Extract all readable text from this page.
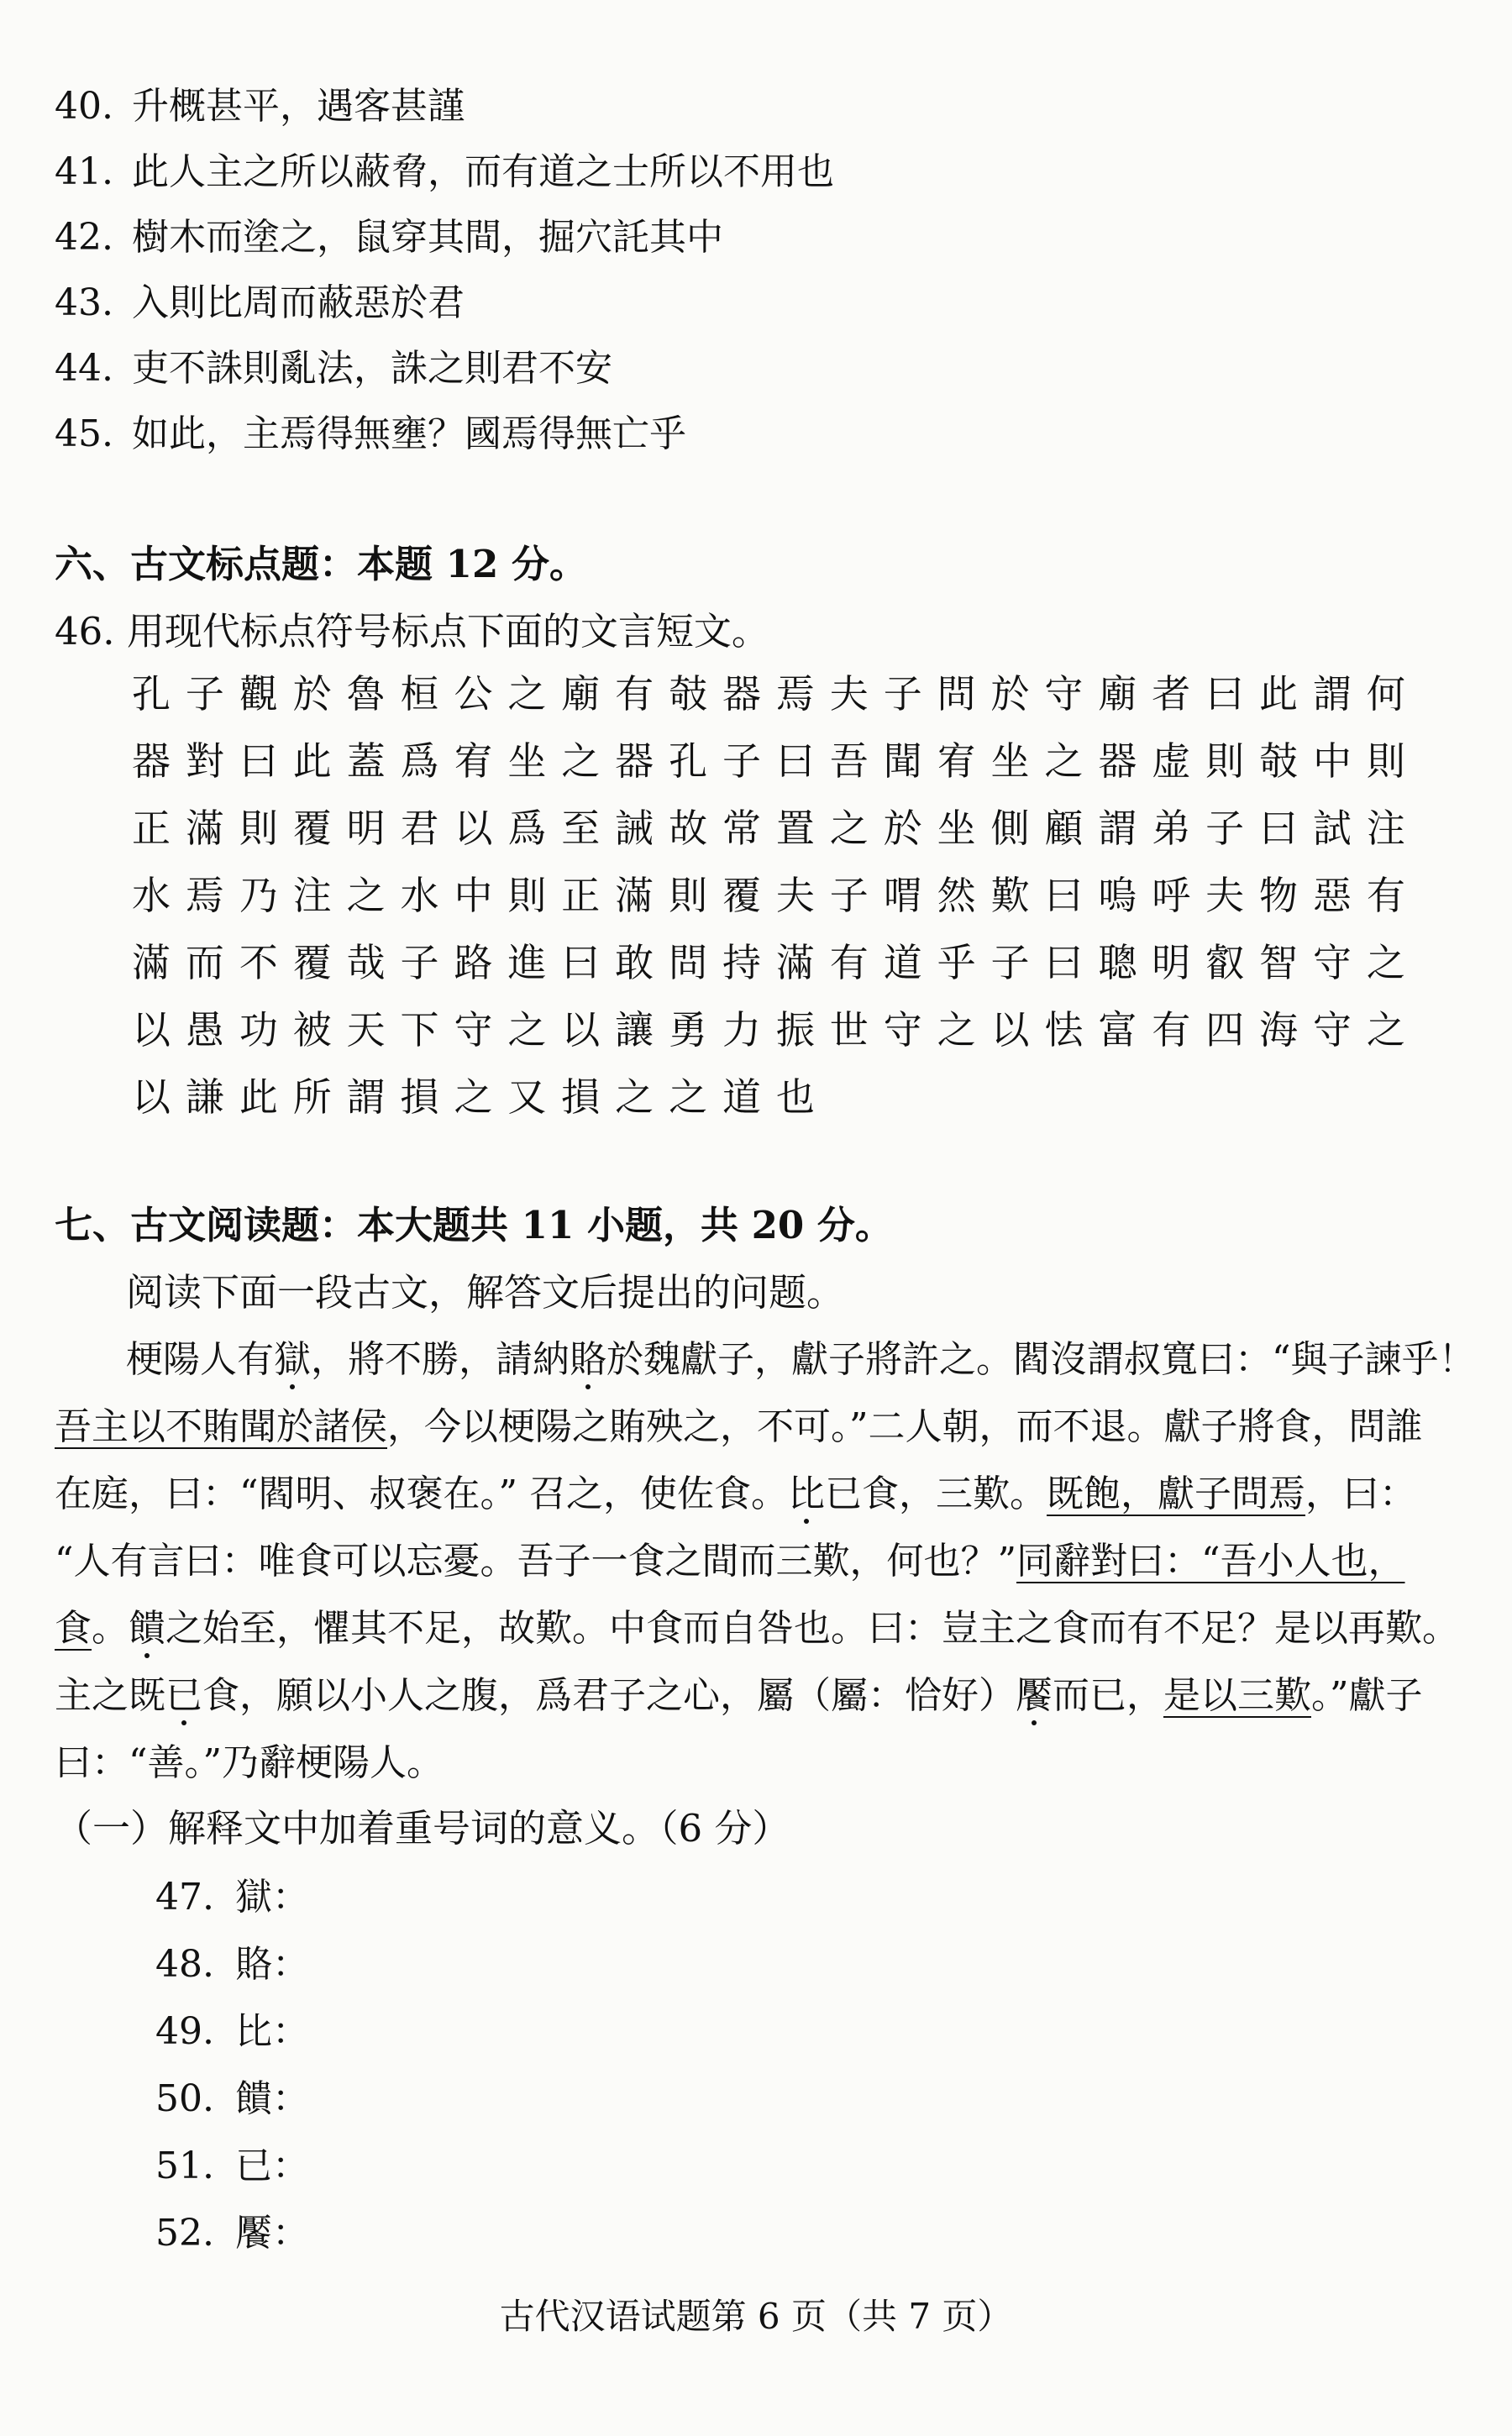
40. 升概甚平，遇客甚謹
41. 此人主之所以蔽脅，而有道之士所以不用也
42. 樹木而塗之，鼠穿其間，掘穴託其中
43. 入則比周而蔽惡於君
44. 吏不誅則亂法，誅之則君不安
45. 如此，主焉得無壅？國焉得無亡乎
六、古文标点题：本题 12 分。
46. 用现代标点符号标点下面的文言短文。
孔 子 觀 於 魯 桓 公 之 廟 有 攲 器 焉 夫 子 問 於 守 廟 者 曰 此 謂 何
器 對 曰 此 蓋 爲 宥 坐 之 器 孔 子 曰 吾 聞 宥 坐 之 器 虚 則 攲 中 則
正 滿 則 覆 明 君 以 爲 至 誡 故 常 置 之 於 坐 側 顧 謂 弟 子 曰 試 注
水 焉 乃 注 之 水 中 則 正 滿 則 覆 夫 子 喟 然 歎 曰 嗚 呼 夫 物 惡 有
滿 而 不 覆 哉 子 路 進 曰 敢 問 持 滿 有 道 乎 子 曰 聰 明 叡 智 守 之
以 愚 功 被 天 下 守 之 以 讓 勇 力 振 世 守 之 以 怯 富 有 四 海 守 之
以 謙 此 所 謂 損 之 又 損 之 之 道 也
七、古文阅读题：本大题共 11 小题，共 20 分。
阅读下面一段古文，解答文后提出的问题。
梗陽人有獄，將不勝，請納賂於魏獻子，獻子將許之。閻沒謂叔寬曰：“與子諫乎！
吾主以不賄聞於諸侯，今以梗陽之賄殃之，不可。”二人朝，而不退。獻子將食，問誰
在庭，曰：“閻明、叔褒在。” 召之，使佐食。比已食，三歎。既飽，獻子問焉，曰：
“人有言曰：唯食可以忘憂。吾子一食之間而三歎，何也？”同辭對曰：“吾小人也，
食。饋之始至，懼其不足，故歎。中食而自咎也。曰：豈主之食而有不足？是以再歎。
主之既已食，願以小人之腹，爲君子之心，屬（屬：恰好）饜而已，是以三歎。”獻子
曰：“善。”乃辭梗陽人。
（一）解释文中加着重号词的意义。（6 分）
47. 獄：
48. 賂：
49. 比：
50. 饋：
51. 已：
52. 饜：
古代汉语试题第 6 页（共 7 页）
